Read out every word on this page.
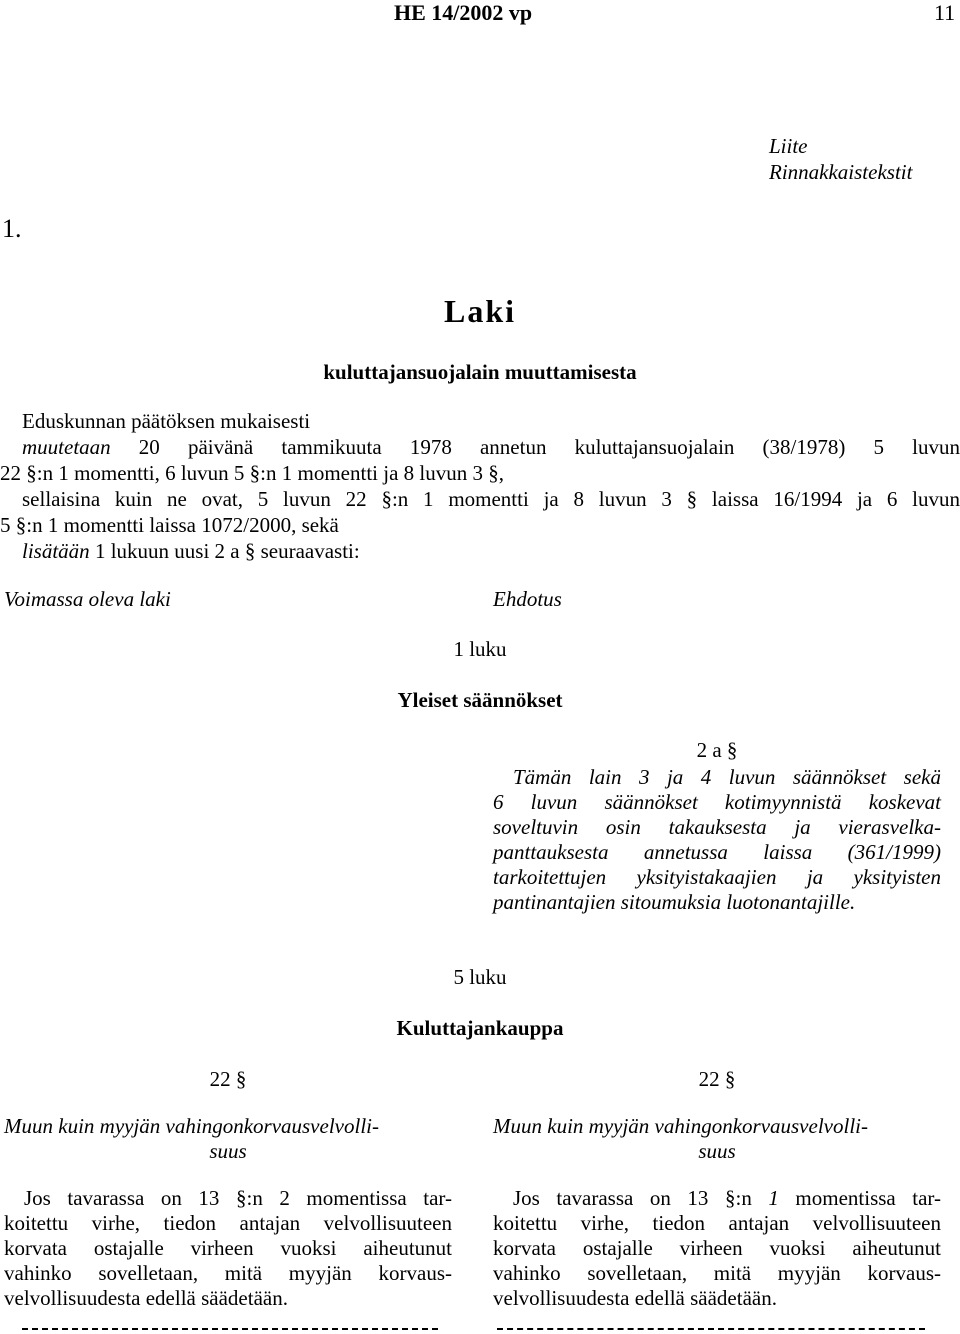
HE 14/2002 vp	11
Liite
Rinnakkaistekstit
1.
Laki
kuluttajansuojalain muuttamisesta
Eduskunnan päätöksen mukaisesti
muutetaan 20 päivänä tammikuuta 1978 annetun kuluttajansuojalain (38/1978) 5 luvun
22 §:n 1 momentti, 6 luvun 5 §:n 1 momentti ja 8 luvun 3 §,
sellaisina kuin ne ovat, 5 luvun 22 §:n 1 momentti ja 8 luvun 3 § laissa 16/1994 ja 6 luvun
5 §:n 1 momentti laissa 1072/2000, sekä
lisätään 1 lukuun uusi 2 a § seuraavasti:
Voimassa oleva laki	Ehdotus
1 luku
Yleiset säännökset
2 a §
Tämän lain 3 ja 4 luvun säännökset sekä
6 luvun säännökset kotimyynnistä koskevat
soveltuvin osin takauksesta ja vierasvelka-
panttauksesta annetussa laissa (361/1999)
tarkoitettujen yksityistakaajien ja yksityisten
pantinantajien sitoumuksia luotonantajille.
5 luku
Kuluttajankauppa
22 §
Muun kuin myyjän vahingonkorvausvelvolli-
suus
Jos tavarassa on 13 §:n 2 momentissa tar-
koitettu virhe, tiedon antajan velvollisuuteen
korvata ostajalle virheen vuoksi aiheutunut
vahinko sovelletaan, mitä myyjän korvaus-
velvollisuudesta edellä säädetään.
22 §
Muun kuin myyjän vahingonkorvausvelvolli-
suus
Jos tavarassa on 13 §:n 1 momentissa tar-
koitettu virhe, tiedon antajan velvollisuuteen
korvata ostajalle virheen vuoksi aiheutunut
vahinko sovelletaan, mitä myyjän korvaus-
velvollisuudesta edellä säädetään.
